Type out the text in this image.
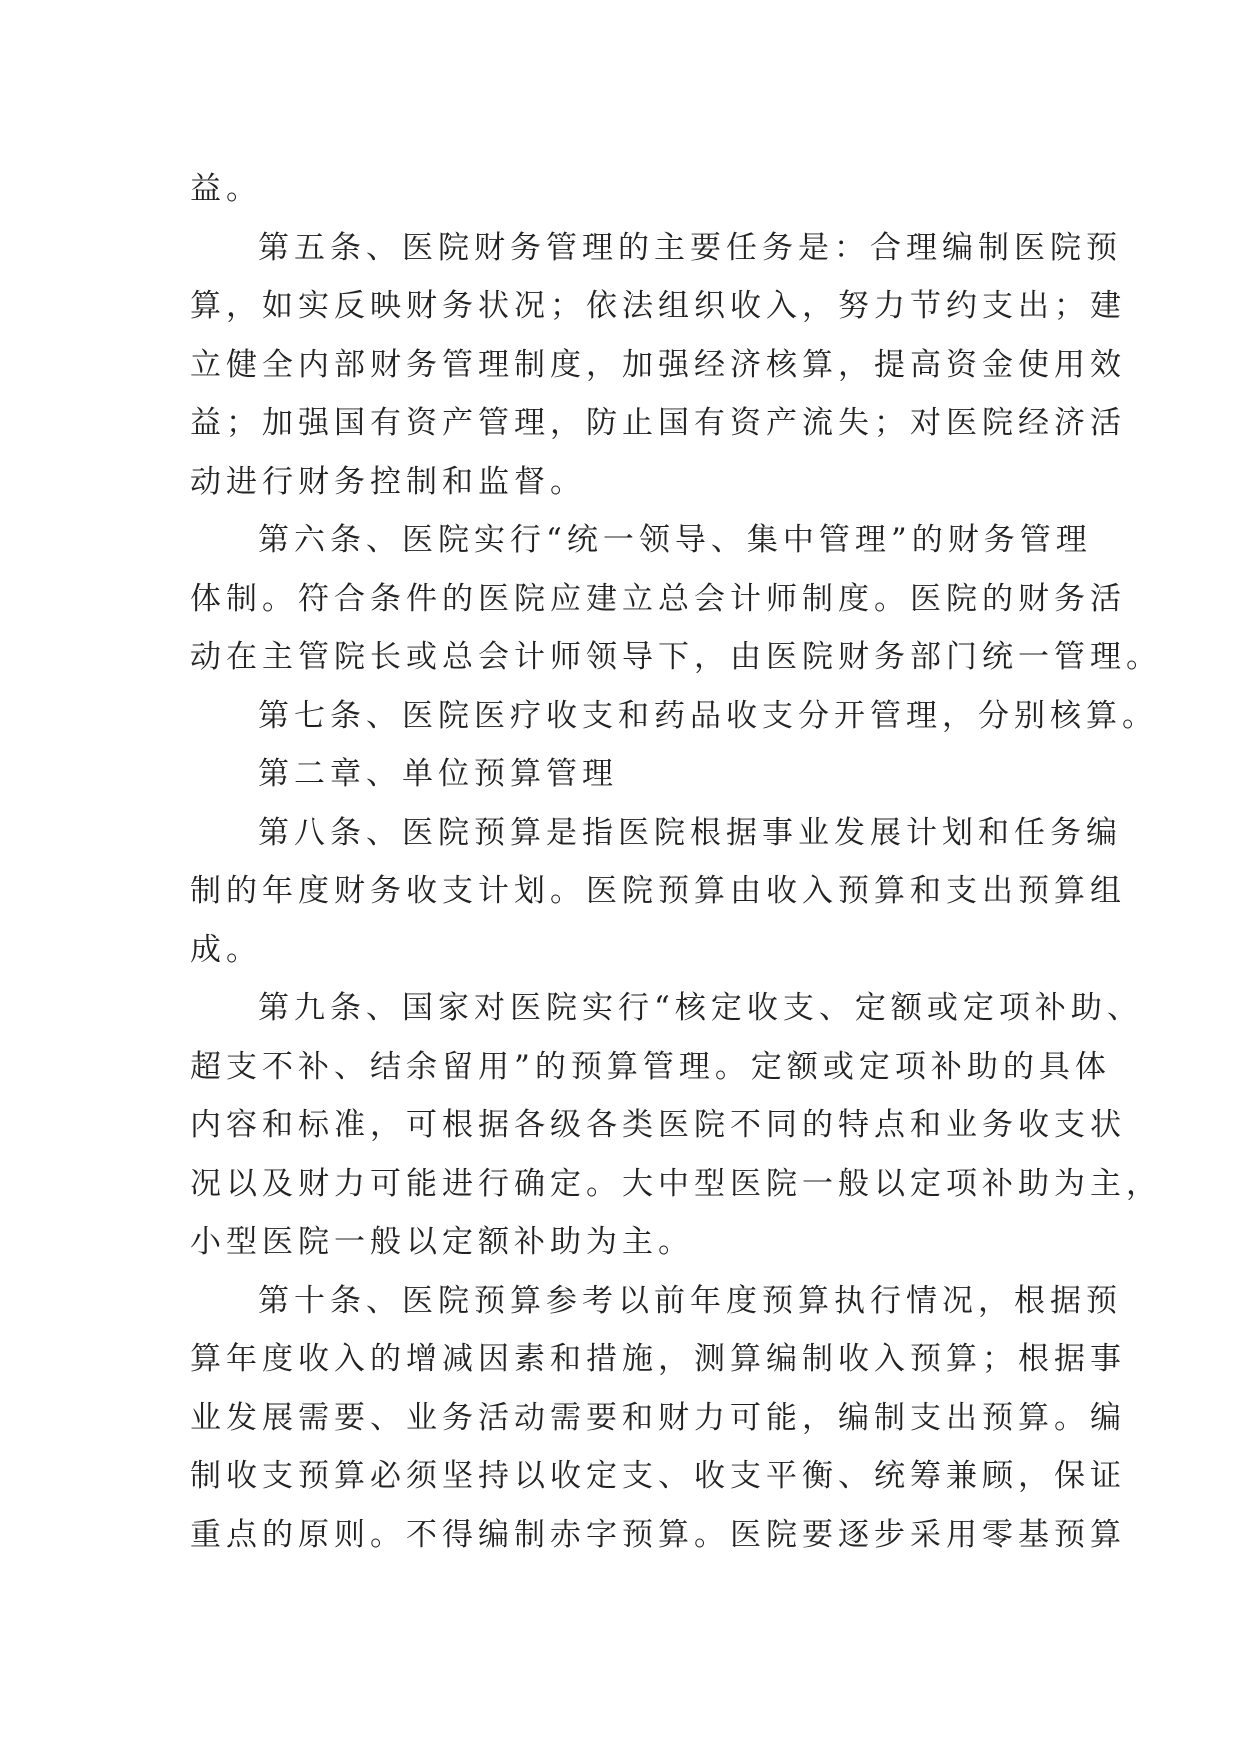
益。
第五条、医院财务管理的主要任务是：合理编制医院预
算，如实反映财务状况；依法组织收入，努力节约支出；建
立健全内部财务管理制度，加强经济核算，提高资金使用效
益；加强国有资产管理，防止国有资产流失；对医院经济活
动进行财务控制和监督。
第六条、医院实行“统一领导、集中管理”的财务管理
体制。符合条件的医院应建立总会计师制度。医院的财务活
动在主管院长或总会计师领导下，由医院财务部门统一管理。
第七条、医院医疗收支和药品收支分开管理，分别核算。
第二章、单位预算管理
第八条、医院预算是指医院根据事业发展计划和任务编
制的年度财务收支计划。医院预算由收入预算和支出预算组
成。
第九条、国家对医院实行“核定收支、定额或定项补助、
超支不补、结余留用”的预算管理。定额或定项补助的具体
内容和标准，可根据各级各类医院不同的特点和业务收支状
况以及财力可能进行确定。大中型医院一般以定项补助为主，
小型医院一般以定额补助为主。
第十条、医院预算参考以前年度预算执行情况，根据预
算年度收入的增减因素和措施，测算编制收入预算；根据事
业发展需要、业务活动需要和财力可能，编制支出预算。编
制收支预算必须坚持以收定支、收支平衡、统筹兼顾，保证
重点的原则。不得编制赤字预算。医院要逐步采用零基预算
